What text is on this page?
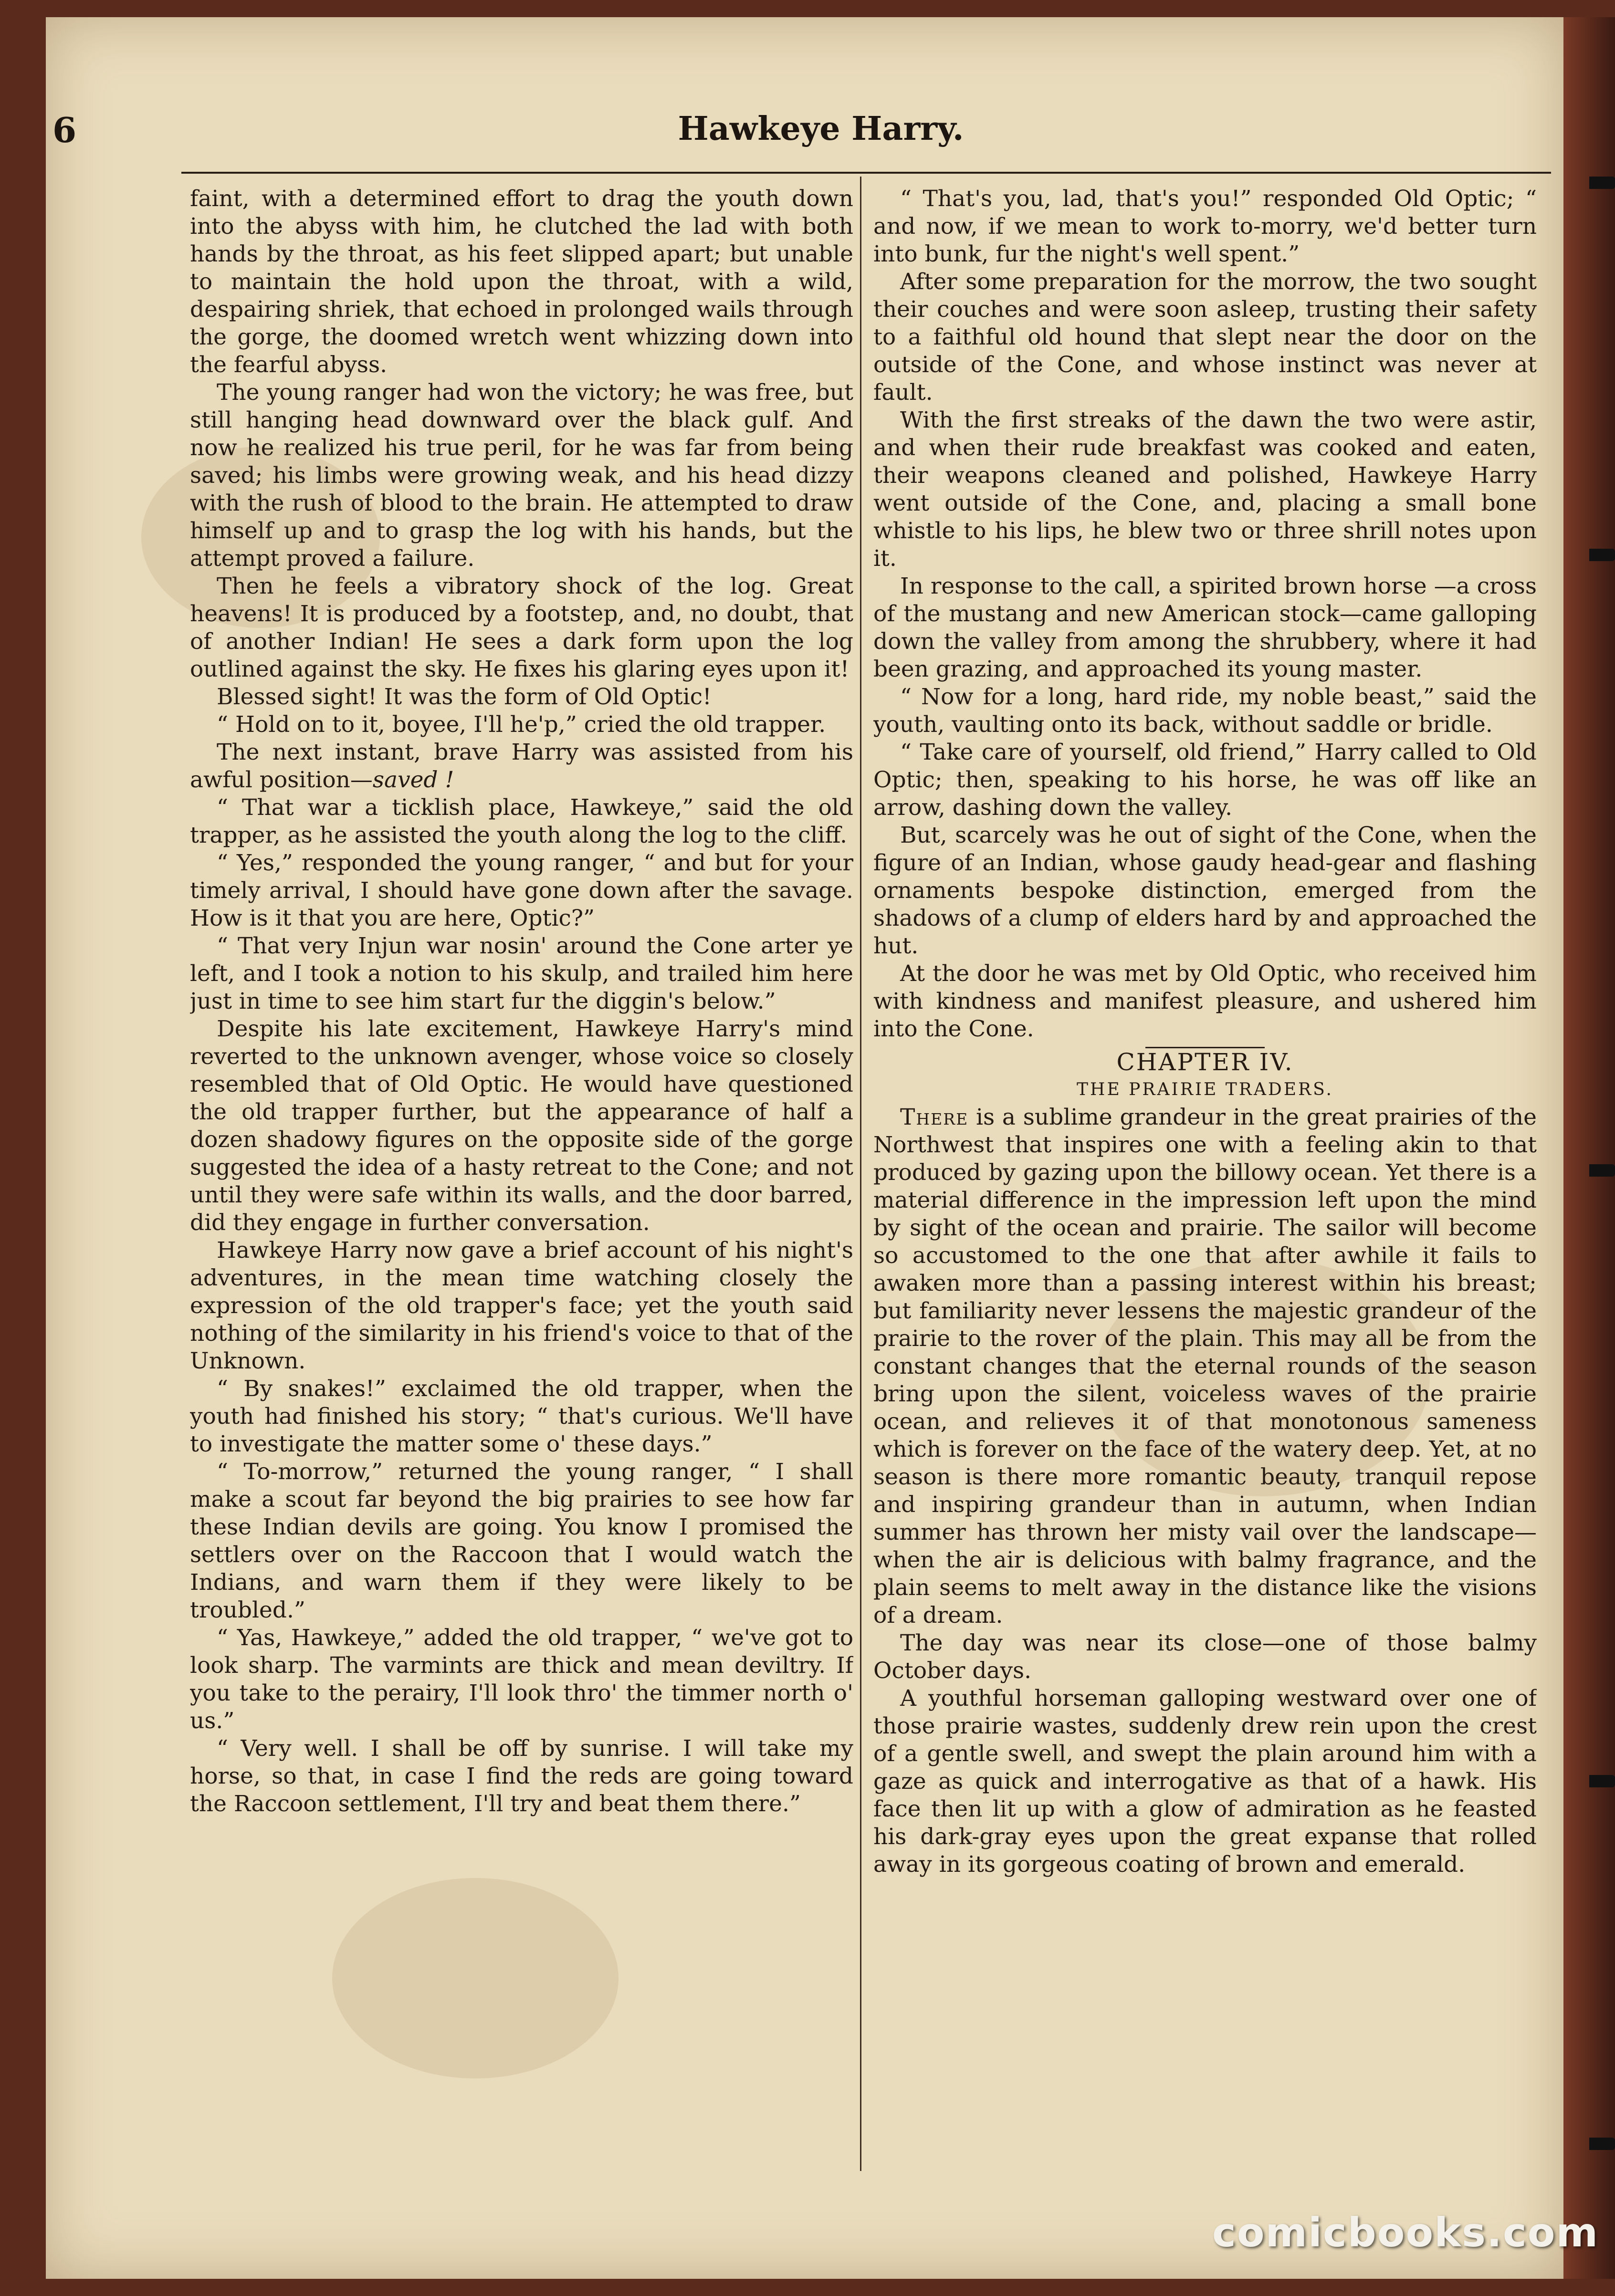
6	Hawkeye Harry.

faint, with a determined effort to drag the youth down into the abyss with him, he clutched the lad with both hands by the throat, as his feet slipped apart; but unable to maintain the hold upon the throat, with a wild, despairing shriek, that echoed in prolonged wails through the gorge, the doomed wretch went whizzing down into the fearful abyss.

The young ranger had won the victory; he was free, but still hanging head downward over the black gulf. And now he realized his true peril, for he was far from being saved; his limbs were growing weak, and his head dizzy with the rush of blood to the brain. He attempted to draw himself up and to grasp the log with his hands, but the attempt proved a failure.

Then he feels a vibratory shock of the log. Great heavens! It is produced by a footstep, and, no doubt, that of another Indian! He sees a dark form upon the log outlined against the sky. He fixes his glaring eyes upon it!

Blessed sight! It was the form of Old Optic!

“ Hold on to it, boyee, I'll he'p,” cried the old trapper.

The next instant, brave Harry was assisted from his awful position—saved !

“ That war a ticklish place, Hawkeye,” said the old trapper, as he assisted the youth along the log to the cliff.

“ Yes,” responded the young ranger, “ and but for your timely arrival, I should have gone down after the savage. How is it that you are here, Optic?”

“ That very Injun war nosin' around the Cone arter ye left, and I took a notion to his skulp, and trailed him here just in time to see him start fur the diggin's below.”

Despite his late excitement, Hawkeye Harry's mind reverted to the unknown avenger, whose voice so closely resembled that of Old Optic. He would have questioned the old trapper further, but the appearance of half a dozen shadowy figures on the opposite side of the gorge suggested the idea of a hasty retreat to the Cone; and not until they were safe within its walls, and the door barred, did they engage in further conversation.

Hawkeye Harry now gave a brief account of his night's adventures, in the mean time watching closely the expression of the old trapper's face; yet the youth said nothing of the similarity in his friend's voice to that of the Unknown.

“ By snakes!” exclaimed the old trapper, when the youth had finished his story; “ that's curious. We'll have to investigate the matter some o' these days.”

“ To-morrow,” returned the young ranger, “ I shall make a scout far beyond the big prairies to see how far these Indian devils are going. You know I promised the settlers over on the Raccoon that I would watch the Indians, and warn them if they were likely to be troubled.”

“ Yas, Hawkeye,” added the old trapper, “ we've got to look sharp. The varmints are thick and mean deviltry. If you take to the perairy, I'll look thro' the timmer north o' us.”

“ Very well. I shall be off by sunrise. I will take my horse, so that, in case I find the reds are going toward the Raccoon settlement, I'll try and beat them there.”

“ That's you, lad, that's you!” responded Old Optic; “ and now, if we mean to work to-morry, we'd better turn into bunk, fur the night's well spent.”

After some preparation for the morrow, the two sought their couches and were soon asleep, trusting their safety to a faithful old hound that slept near the door on the outside of the Cone, and whose instinct was never at fault.

With the first streaks of the dawn the two were astir, and when their rude breakfast was cooked and eaten, their weapons cleaned and polished, Hawkeye Harry went outside of the Cone, and, placing a small bone whistle to his lips, he blew two or three shrill notes upon it.

In response to the call, a spirited brown horse —a cross of the mustang and new American stock—came galloping down the valley from among the shrubbery, where it had been grazing, and approached its young master.

“ Now for a long, hard ride, my noble beast,” said the youth, vaulting onto its back, without saddle or bridle.

“ Take care of yourself, old friend,” Harry called to Old Optic; then, speaking to his horse, he was off like an arrow, dashing down the valley.

But, scarcely was he out of sight of the Cone, when the figure of an Indian, whose gaudy head-gear and flashing ornaments bespoke distinction, emerged from the shadows of a clump of elders hard by and approached the hut.

At the door he was met by Old Optic, who received him with kindness and manifest pleasure, and ushered him into the Cone.

CHAPTER IV.

THE PRAIRIE TRADERS.

There is a sublime grandeur in the great prairies of the Northwest that inspires one with a feeling akin to that produced by gazing upon the billowy ocean. Yet there is a material difference in the impression left upon the mind by sight of the ocean and prairie. The sailor will become so accustomed to the one that after awhile it fails to awaken more than a passing interest within his breast; but familiarity never lessens the majestic grandeur of the prairie to the rover of the plain. This may all be from the constant changes that the eternal rounds of the season bring upon the silent, voiceless waves of the prairie ocean, and relieves it of that monotonous sameness which is forever on the face of the watery deep. Yet, at no season is there more romantic beauty, tranquil repose and inspiring grandeur than in autumn, when Indian summer has thrown her misty vail over the landscape—when the air is delicious with balmy fragrance, and the plain seems to melt away in the distance like the visions of a dream.

The day was near its close—one of those balmy October days.

A youthful horseman galloping westward over one of those prairie wastes, suddenly drew rein upon the crest of a gentle swell, and swept the plain around him with a gaze as quick and interrogative as that of a hawk. His face then lit up with a glow of admiration as he feasted his dark-gray eyes upon the great expanse that rolled away in its gorgeous coating of brown and emerald.

comicbooks.com
